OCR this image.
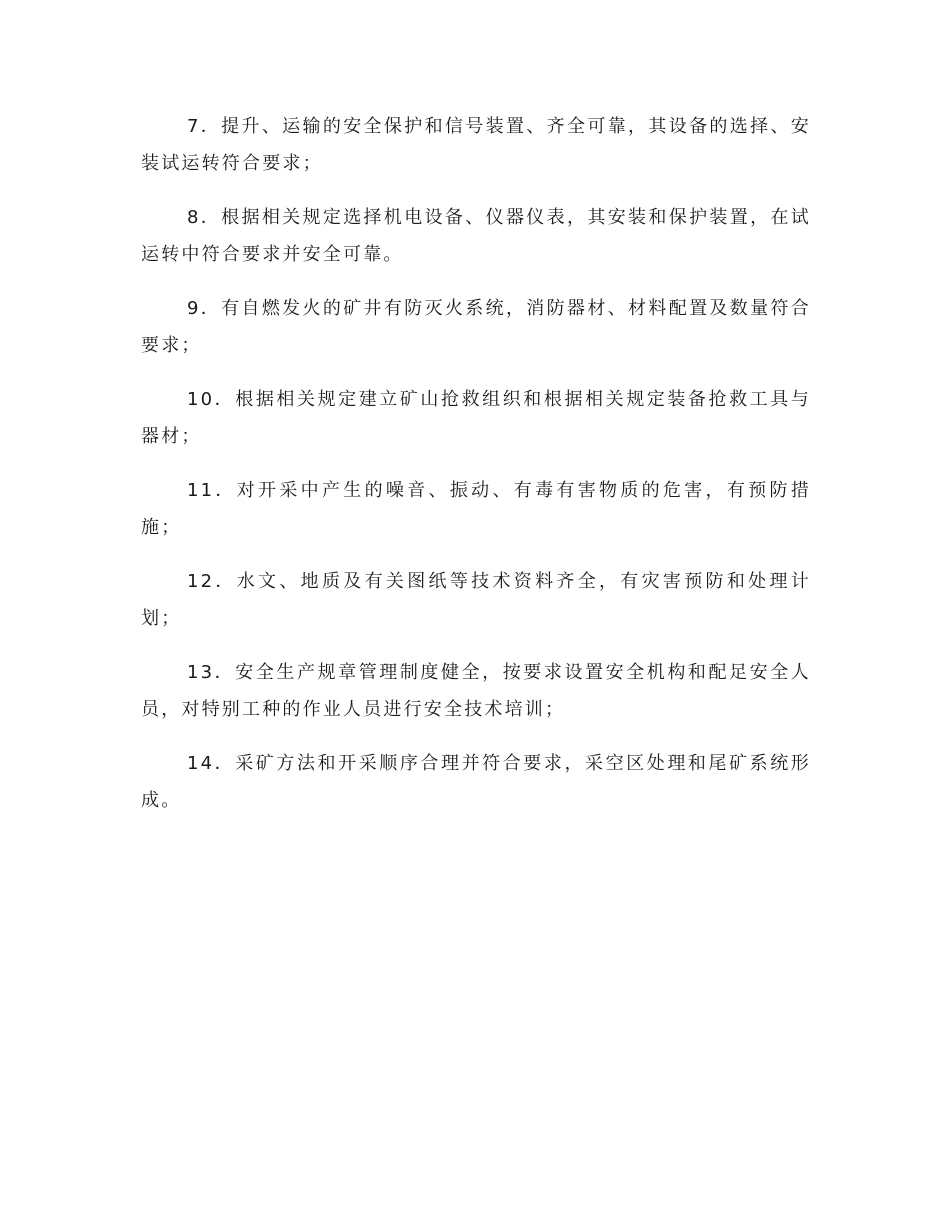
7．提升、运输的安全保护和信号装置、齐全可靠，其设备的选择、安装试运转符合要求；

8．根据相关规定选择机电设备、仪器仪表，其安装和保护装置，在试运转中符合要求并安全可靠。

9．有自燃发火的矿井有防灭火系统，消防器材、材料配置及数量符合要求；

10．根据相关规定建立矿山抢救组织和根据相关规定装备抢救工具与器材；

11．对开采中产生的噪音、振动、有毒有害物质的危害，有预防措施；

12．水文、地质及有关图纸等技术资料齐全，有灾害预防和处理计划；

13．安全生产规章管理制度健全，按要求设置安全机构和配足安全人员，对特别工种的作业人员进行安全技术培训；

14．采矿方法和开采顺序合理并符合要求，采空区处理和尾矿系统形成。
